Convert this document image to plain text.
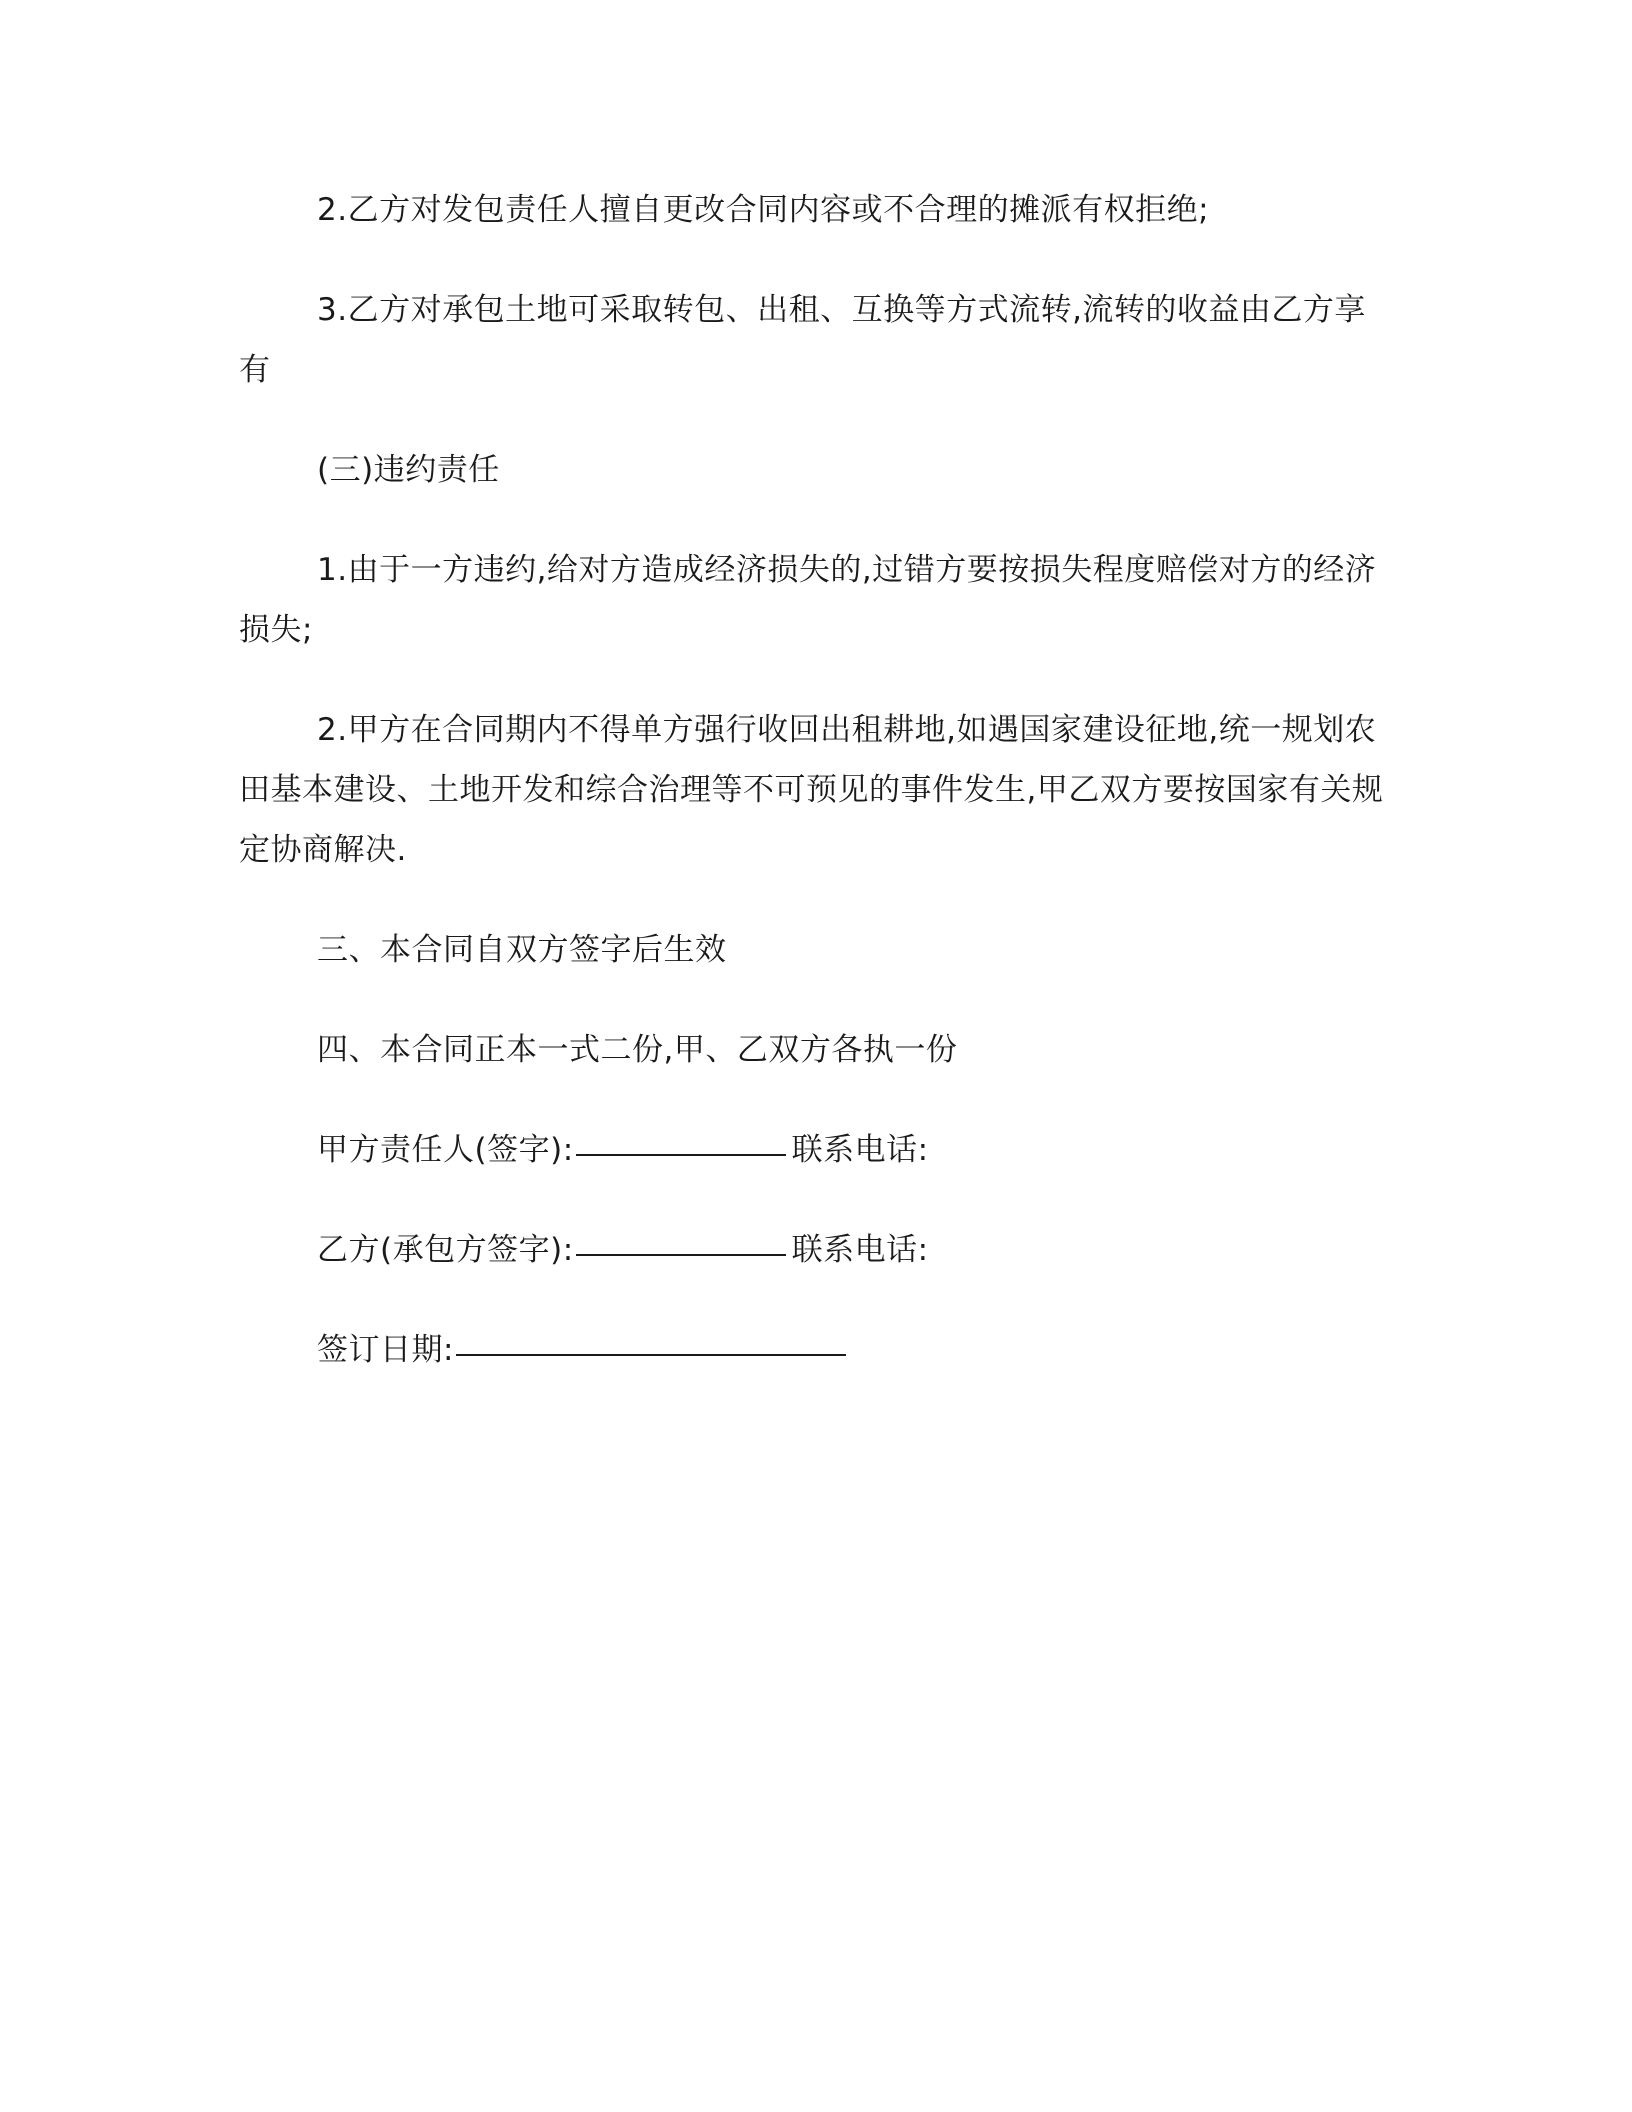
2.乙方对发包责任人擅自更改合同内容或不合理的摊派有权拒绝;

3.乙方对承包土地可采取转包、出租、互换等方式流转,流转的收益由乙方享有

(三)违约责任

1.由于一方违约,给对方造成经济损失的,过错方要按损失程度赔偿对方的经济损失;

2.甲方在合同期内不得单方强行收回出租耕地,如遇国家建设征地,统一规划农田基本建设、土地开发和综合治理等不可预见的事件发生,甲乙双方要按国家有关规定协商解决.

三、本合同自双方签字后生效

四、本合同正本一式二份,甲、乙双方各执一份

甲方责任人(签字):	联系电话:
乙方(承包方签字):	联系电话:
签订日期:
